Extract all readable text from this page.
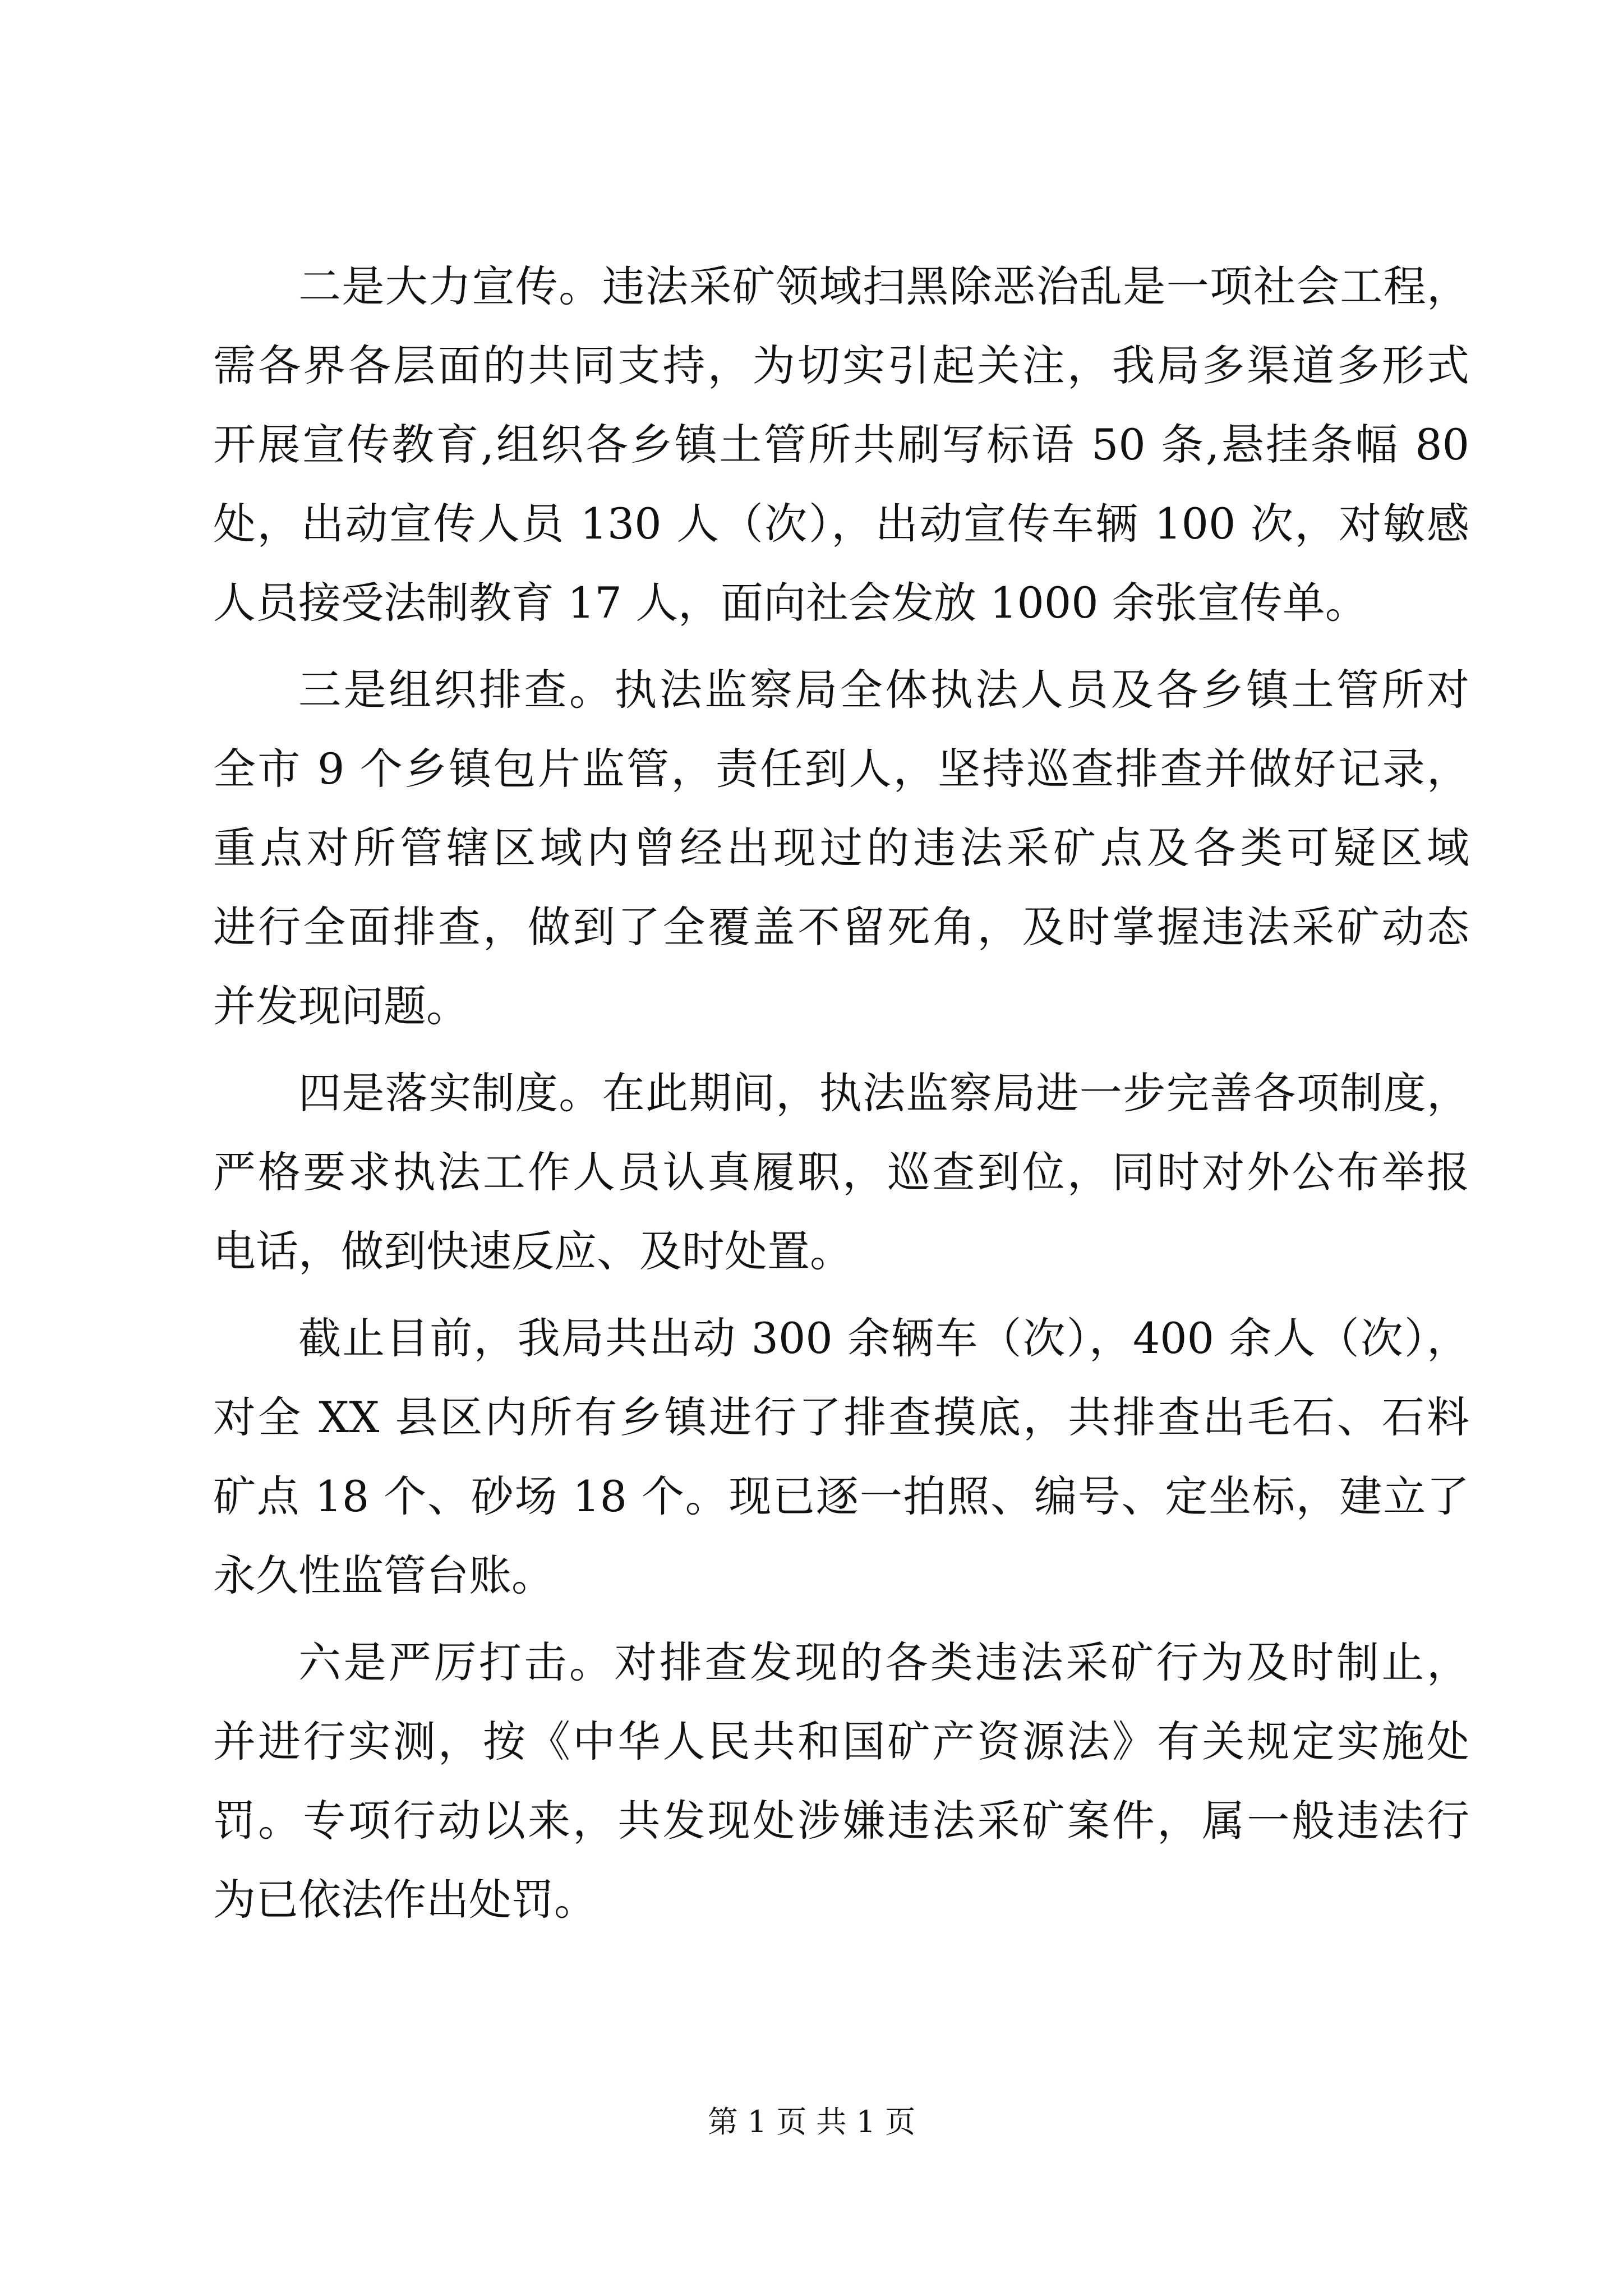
二是大力宣传。违法采矿领域扫黑除恶治乱是一项社会工程，
需各界各层面的共同支持，为切实引起关注，我局多渠道多形式
开展宣传教育,组织各乡镇土管所共刷写标语 50 条,悬挂条幅 80
处，出动宣传人员 130 人（次），出动宣传车辆 100 次，对敏感
人员接受法制教育 17 人，面向社会发放 1000 余张宣传单。
三是组织排查。执法监察局全体执法人员及各乡镇土管所对
全市 9 个乡镇包片监管，责任到人，坚持巡查排查并做好记录，
重点对所管辖区域内曾经出现过的违法采矿点及各类可疑区域
进行全面排查，做到了全覆盖不留死角，及时掌握违法采矿动态
并发现问题。
四是落实制度。在此期间，执法监察局进一步完善各项制度，
严格要求执法工作人员认真履职，巡查到位，同时对外公布举报
电话，做到快速反应、及时处置。
截止目前，我局共出动 300 余辆车（次），400 余人（次），
对全 XX 县区内所有乡镇进行了排查摸底，共排查出毛石、石料
矿点 18 个、砂场 18 个。现已逐一拍照、编号、定坐标，建立了
永久性监管台账。
六是严厉打击。对排查发现的各类违法采矿行为及时制止，
并进行实测，按《中华人民共和国矿产资源法》有关规定实施处
罚。专项行动以来，共发现处涉嫌违法采矿案件，属一般违法行
为已依法作出处罚。
第 1 页 共 1 页
